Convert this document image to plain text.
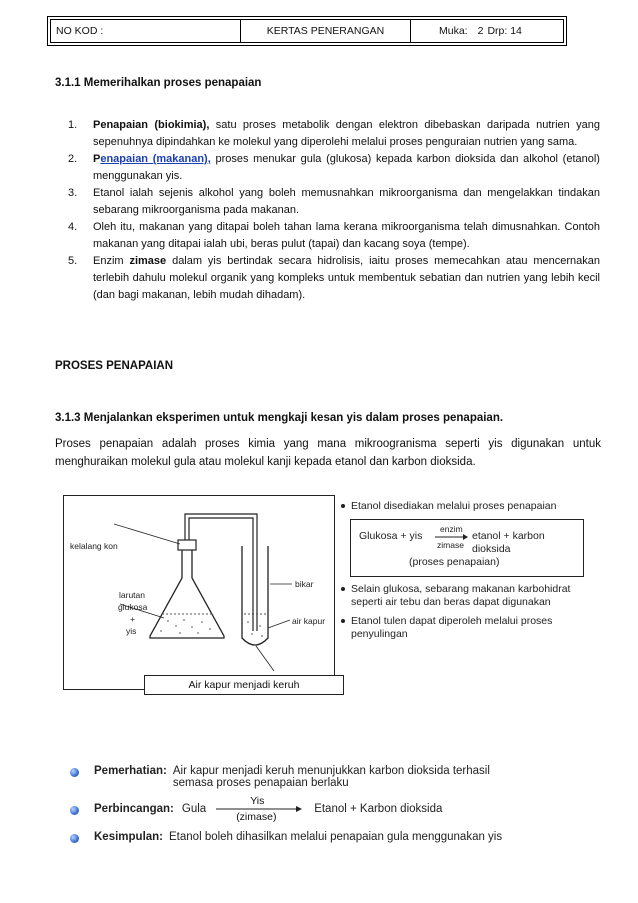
NO KOD :	KERTAS PENERANGAN	Muka: 2 Drp: 14
3.1.1 Memerihalkan proses penapaian
1. Penapaian (biokimia), satu proses metabolik dengan elektron dibebaskan daripada nutrien yang sepenuhnya dipindahkan ke molekul yang diperolehi melalui proses penguraian nutrien yang sama.
2. Penapaian (makanan), proses menukar gula (glukosa) kepada karbon dioksida dan alkohol (etanol) menggunakan yis.
3. Etanol ialah sejenis alkohol yang boleh memusnahkan mikroorganisma dan mengelakkan tindakan sebarang mikroorganisma pada makanan.
4. Oleh itu, makanan yang ditapai boleh tahan lama kerana mikroorganisma telah dimusnahkan. Contoh makanan yang ditapai ialah ubi, beras pulut (tapai) dan kacang soya (tempe).
5. Enzim zimase dalam yis bertindak secara hidrolisis, iaitu proses memecahkan atau mencernakan terlebih dahulu molekul organik yang kompleks untuk membentuk sebatian dan nutrien yang lebih kecil (dan bagi makanan, lebih mudah dihadam).
PROSES PENAPAIAN
3.1.3 Menjalankan eksperimen untuk mengkaji kesan yis dalam proses penapaian.
Proses penapaian adalah proses kimia yang mana mikroogranisma seperti yis digunakan untuk menghuraikan molekul gula atau molekul kanji kepada etanol dan karbon dioksida.
kelalang kon
larutan
glukosa
+
yis
bikar
air kapur
Air kapur menjadi keruh
Etanol disediakan melalui proses penapaian
Glukosa + yis
enzim
zimase
etanol + karbon dioksida
(proses penapaian)
Selain glukosa, sebarang makanan karbohidrat seperti air tebu dan beras dapat digunakan
Etanol tulen dapat diperoleh melalui proses penyulingan
Pemerhatian: Air kapur menjadi keruh menunjukkan karbon dioksida terhasil
semasa proses penapaian berlaku
Perbincangan: Gula
Yis
(zimase)
Etanol + Karbon dioksida
Kesimpulan: Etanol boleh dihasilkan melalui penapaian gula menggunakan yis
